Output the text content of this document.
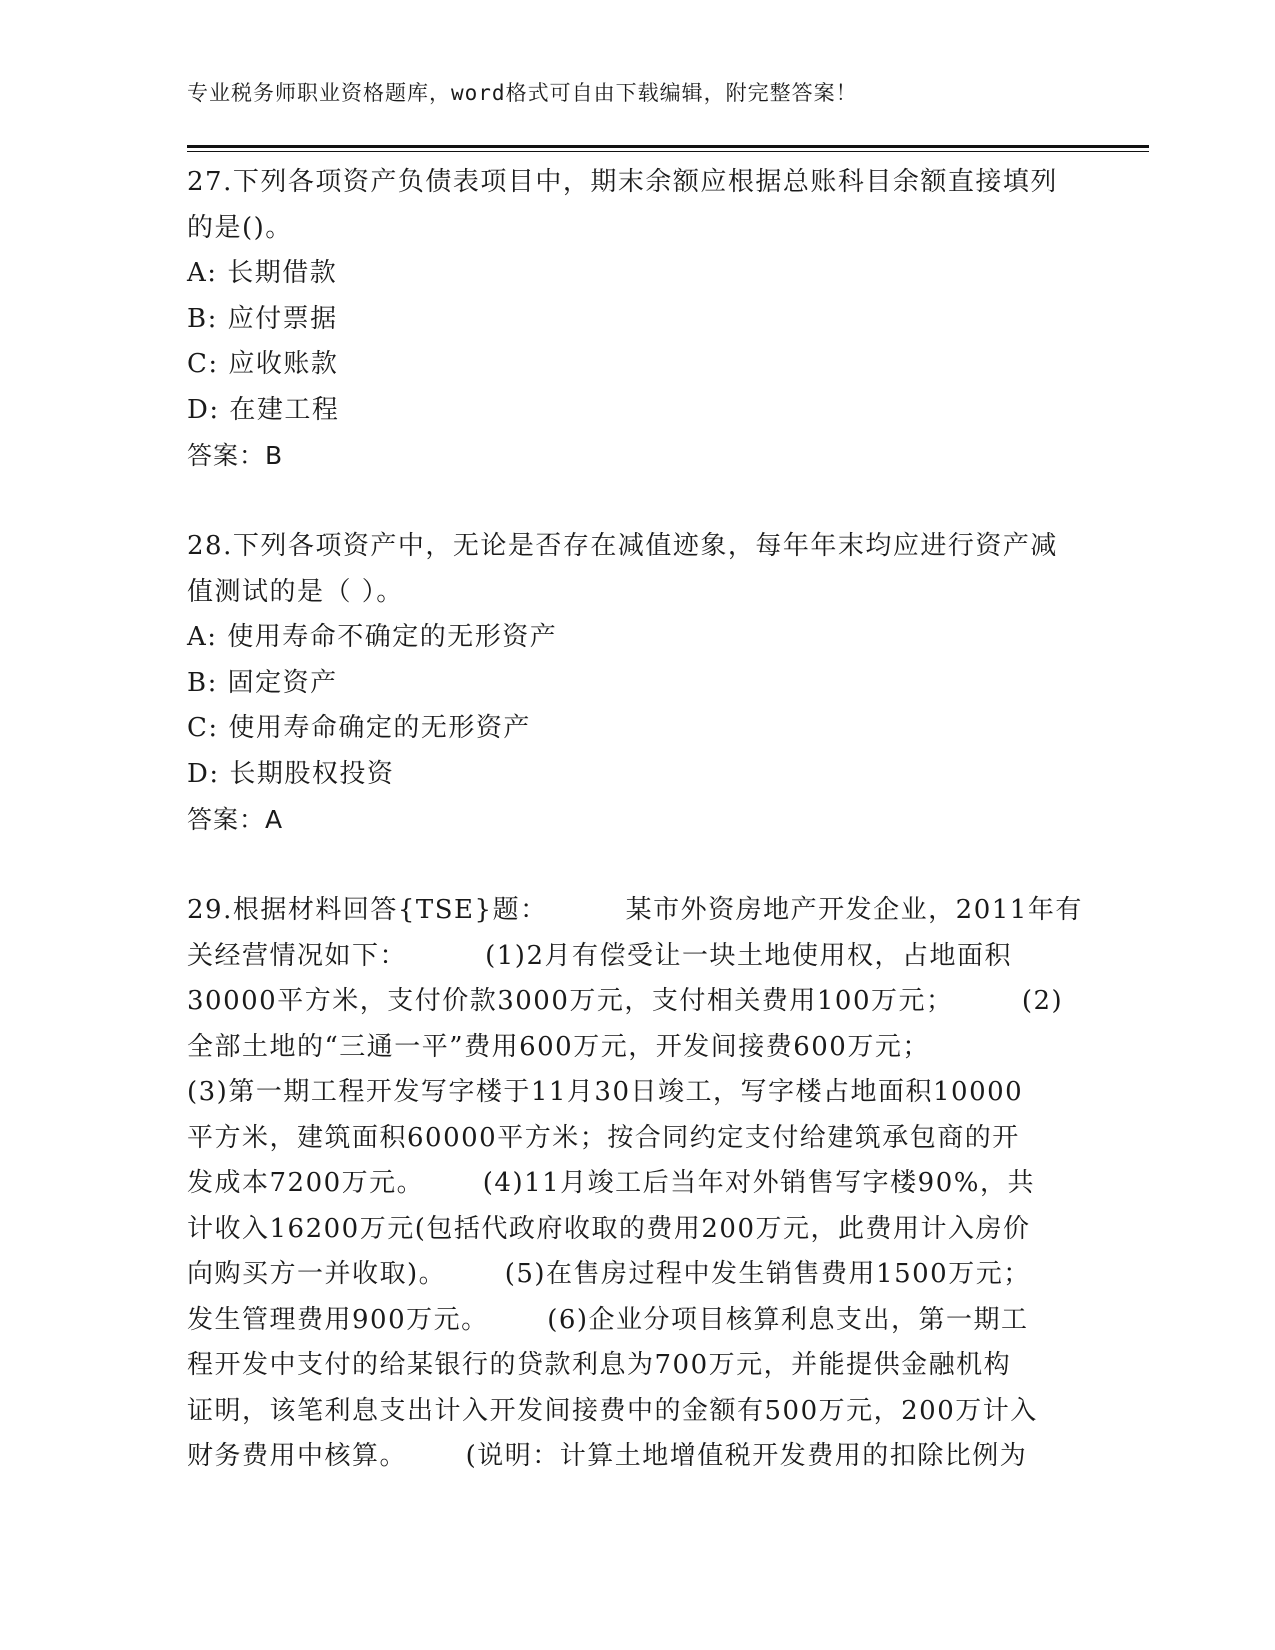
专业税务师职业资格题库，word格式可自由下载编辑，附完整答案！

27.下列各项资产负债表项目中，期末余额应根据总账科目余额直接填列的是()。

A: 长期借款

B: 应付票据

C: 应收账款

D: 在建工程

答案：B

28.下列各项资产中，无论是否存在减值迹象，每年年末均应进行资产减值测试的是（ ）。

A: 使用寿命不确定的无形资产

B: 固定资产

C: 使用寿命确定的无形资产

D: 长期股权投资

答案：A

29.根据材料回答{TSE}题：        某市外资房地产开发企业，2011年有
关经营情况如下：        (1)2月有偿受让一块土地使用权，占地面积
30000平方米，支付价款3000万元，支付相关费用100万元；       (2)
全部土地的“三通一平”费用600万元，开发间接费600万元；
(3)第一期工程开发写字楼于11月30日竣工，写字楼占地面积10000
平方米，建筑面积60000平方米；按合同约定支付给建筑承包商的开
发成本7200万元。      (4)11月竣工后当年对外销售写字楼90%，共
计收入16200万元(包括代政府收取的费用200万元，此费用计入房价
向购买方一并收取)。      (5)在售房过程中发生销售费用1500万元；
发生管理费用900万元。      (6)企业分项目核算利息支出，第一期工
程开发中支付的给某银行的贷款利息为700万元，并能提供金融机构
证明，该笔利息支出计入开发间接费中的金额有500万元，200万计入
财务费用中核算。      (说明：计算土地增值税开发费用的扣除比例为
